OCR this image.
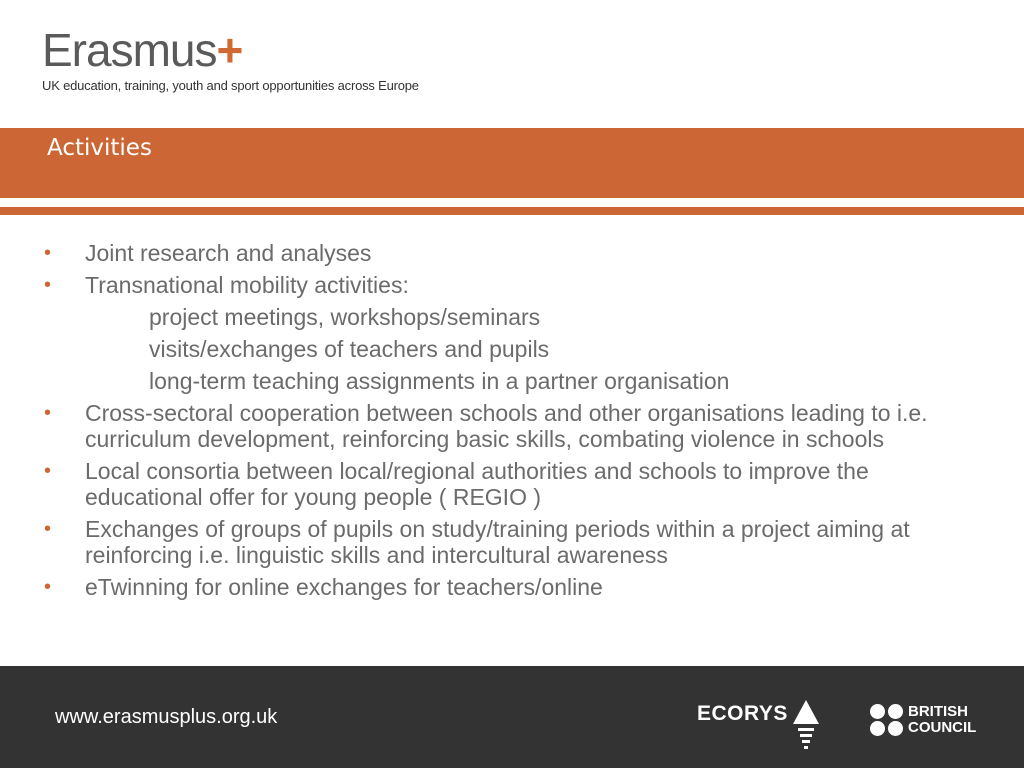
Erasmus+
UK education, training, youth and sport opportunities across Europe
Activities
• Joint research and analyses
• Transnational mobility activities:
project meetings, workshops/seminars
visits/exchanges of teachers and pupils
long-term teaching assignments in a partner organisation
• Cross-sectoral cooperation between schools and other organisations leading to i.e. curriculum development, reinforcing basic skills, combating violence in schools
• Local consortia between local/regional authorities and schools to improve the educational offer for young people ( REGIO )
• Exchanges of groups of pupils on study/training periods within a project aiming at reinforcing i.e. linguistic skills and intercultural awareness
• eTwinning for online exchanges for teachers/online
www.erasmusplus.org.uk	ECORYS	BRITISH
COUNCIL
